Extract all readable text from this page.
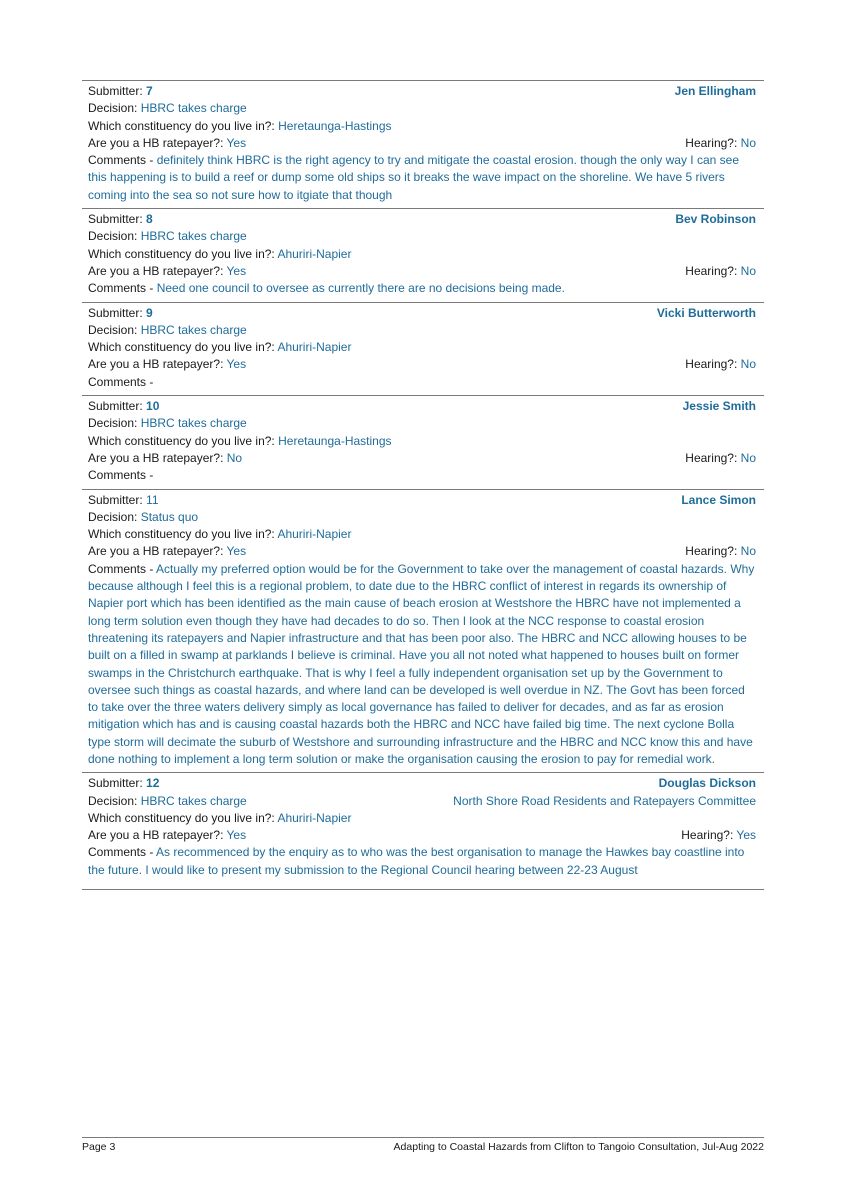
Submitter: 7	Jen Ellingham
Decision: HBRC takes charge
Which constituency do you live in?: Heretaunga-Hastings
Are you a HB ratepayer?: Yes	Hearing?: No
Comments - definitely think HBRC is the right agency to try and mitigate the coastal erosion. though the only way I can see this happening is to build a reef or dump some old ships so it breaks the wave impact on the shoreline. We have 5 rivers coming into the sea so not sure how to itgiate that though
Submitter: 8	Bev Robinson
Decision: HBRC takes charge
Which constituency do you live in?: Ahuriri-Napier
Are you a HB ratepayer?: Yes	Hearing?: No
Comments - Need one council to oversee as currently there are no decisions being made.
Submitter: 9	Vicki Butterworth
Decision: HBRC takes charge
Which constituency do you live in?: Ahuriri-Napier
Are you a HB ratepayer?: Yes	Hearing?: No
Comments -
Submitter: 10	Jessie Smith
Decision: HBRC takes charge
Which constituency do you live in?: Heretaunga-Hastings
Are you a HB ratepayer?: No	Hearing?: No
Comments -
Submitter: 11	Lance Simon
Decision: Status quo
Which constituency do you live in?: Ahuriri-Napier
Are you a HB ratepayer?: Yes	Hearing?: No
Comments - Actually my preferred option would be for the Government to take over the management of coastal hazards. Why because although I feel this is a regional problem, to date due to the HBRC conflict of interest in regards its ownership of Napier port which has been identified as the main cause of beach erosion at Westshore the HBRC have not implemented a long term solution even though they have had decades to do so. Then I look at the NCC response to coastal erosion threatening its ratepayers and Napier infrastructure and that has been poor also. The HBRC and NCC allowing houses to be built on a filled in swamp at parklands I believe is criminal. Have you all not noted what happened to houses built on former swamps in the Christchurch earthquake. That is why I feel a fully independent organisation set up by the Government to oversee such things as coastal hazards, and where land can be developed is well overdue in NZ. The Govt has been forced to take over the three waters delivery simply as local governance has failed to deliver for decades, and as far as erosion mitigation which has and is causing coastal hazards both the HBRC and NCC have failed big time. The next cyclone Bolla type storm will decimate the suburb of Westshore and surrounding infrastructure and the HBRC and NCC know this and have done nothing to implement a long term solution or make the organisation causing the erosion to pay for remedial work.
Submitter: 12	Douglas Dickson
Decision: HBRC takes charge	North Shore Road Residents and Ratepayers Committee
Which constituency do you live in?: Ahuriri-Napier
Are you a HB ratepayer?: Yes	Hearing?: Yes
Comments - As recommenced by the enquiry as to who was the best organisation to manage the Hawkes bay coastline into the future. I would like to present my submission to the Regional Council hearing between 22-23 August
Page 3	Adapting to Coastal Hazards from Clifton to Tangoio Consultation, Jul-Aug 2022
